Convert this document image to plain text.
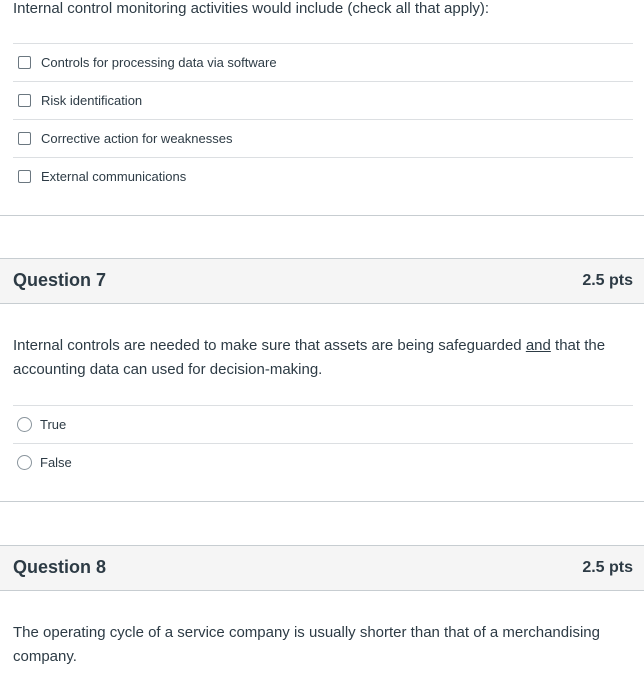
Internal control monitoring activities would include (check all that apply):
Controls for processing data via software
Risk identification
Corrective action for weaknesses
External communications
Question 7	2.5 pts
Internal controls are needed to make sure that assets are being safeguarded and that the accounting data can used for decision-making.
True
False
Question 8	2.5 pts
The operating cycle of a service company is usually shorter than that of a merchandising company.
